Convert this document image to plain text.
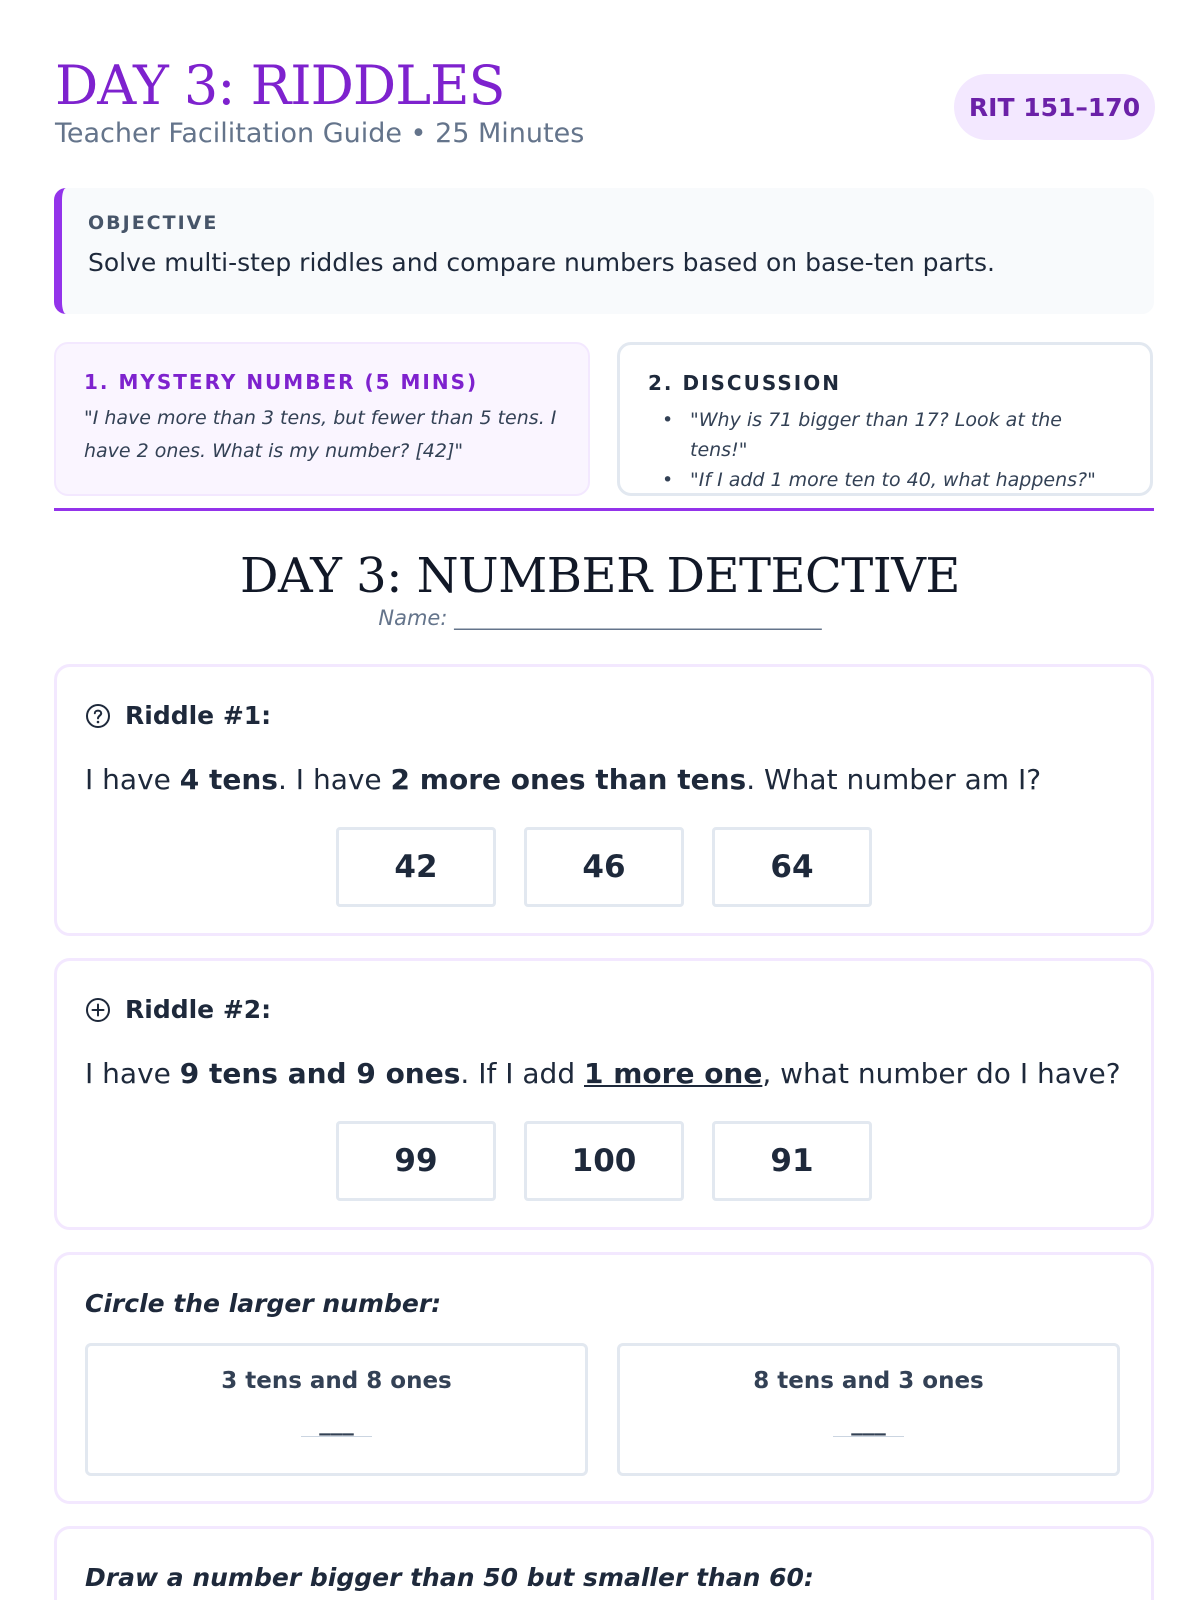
DAY 3: RIDDLES
Teacher Facilitation Guide • 25 Minutes
RIT 151–170
OBJECTIVE
Solve multi-step riddles and compare numbers based on base-ten parts.
1. MYSTERY NUMBER (5 MINS)
"I have more than 3 tens, but fewer than 5 tens. I have 2 ones. What is my number? [42]"
2. DISCUSSION
• "Why is 71 bigger than 17? Look at the tens!"
• "If I add 1 more ten to 40, what happens?"
DAY 3: NUMBER DETECTIVE
Name: ___________________________________
Riddle #1:
I have 4 tens. I have 2 more ones than tens. What number am I?
42	46	64
Riddle #2:
I have 9 tens and 9 ones. If I add 1 more one, what number do I have?
99	100	91
Circle the larger number:
3 tens and 8 ones
___
8 tens and 3 ones
___
Draw a number bigger than 50 but smaller than 60:
